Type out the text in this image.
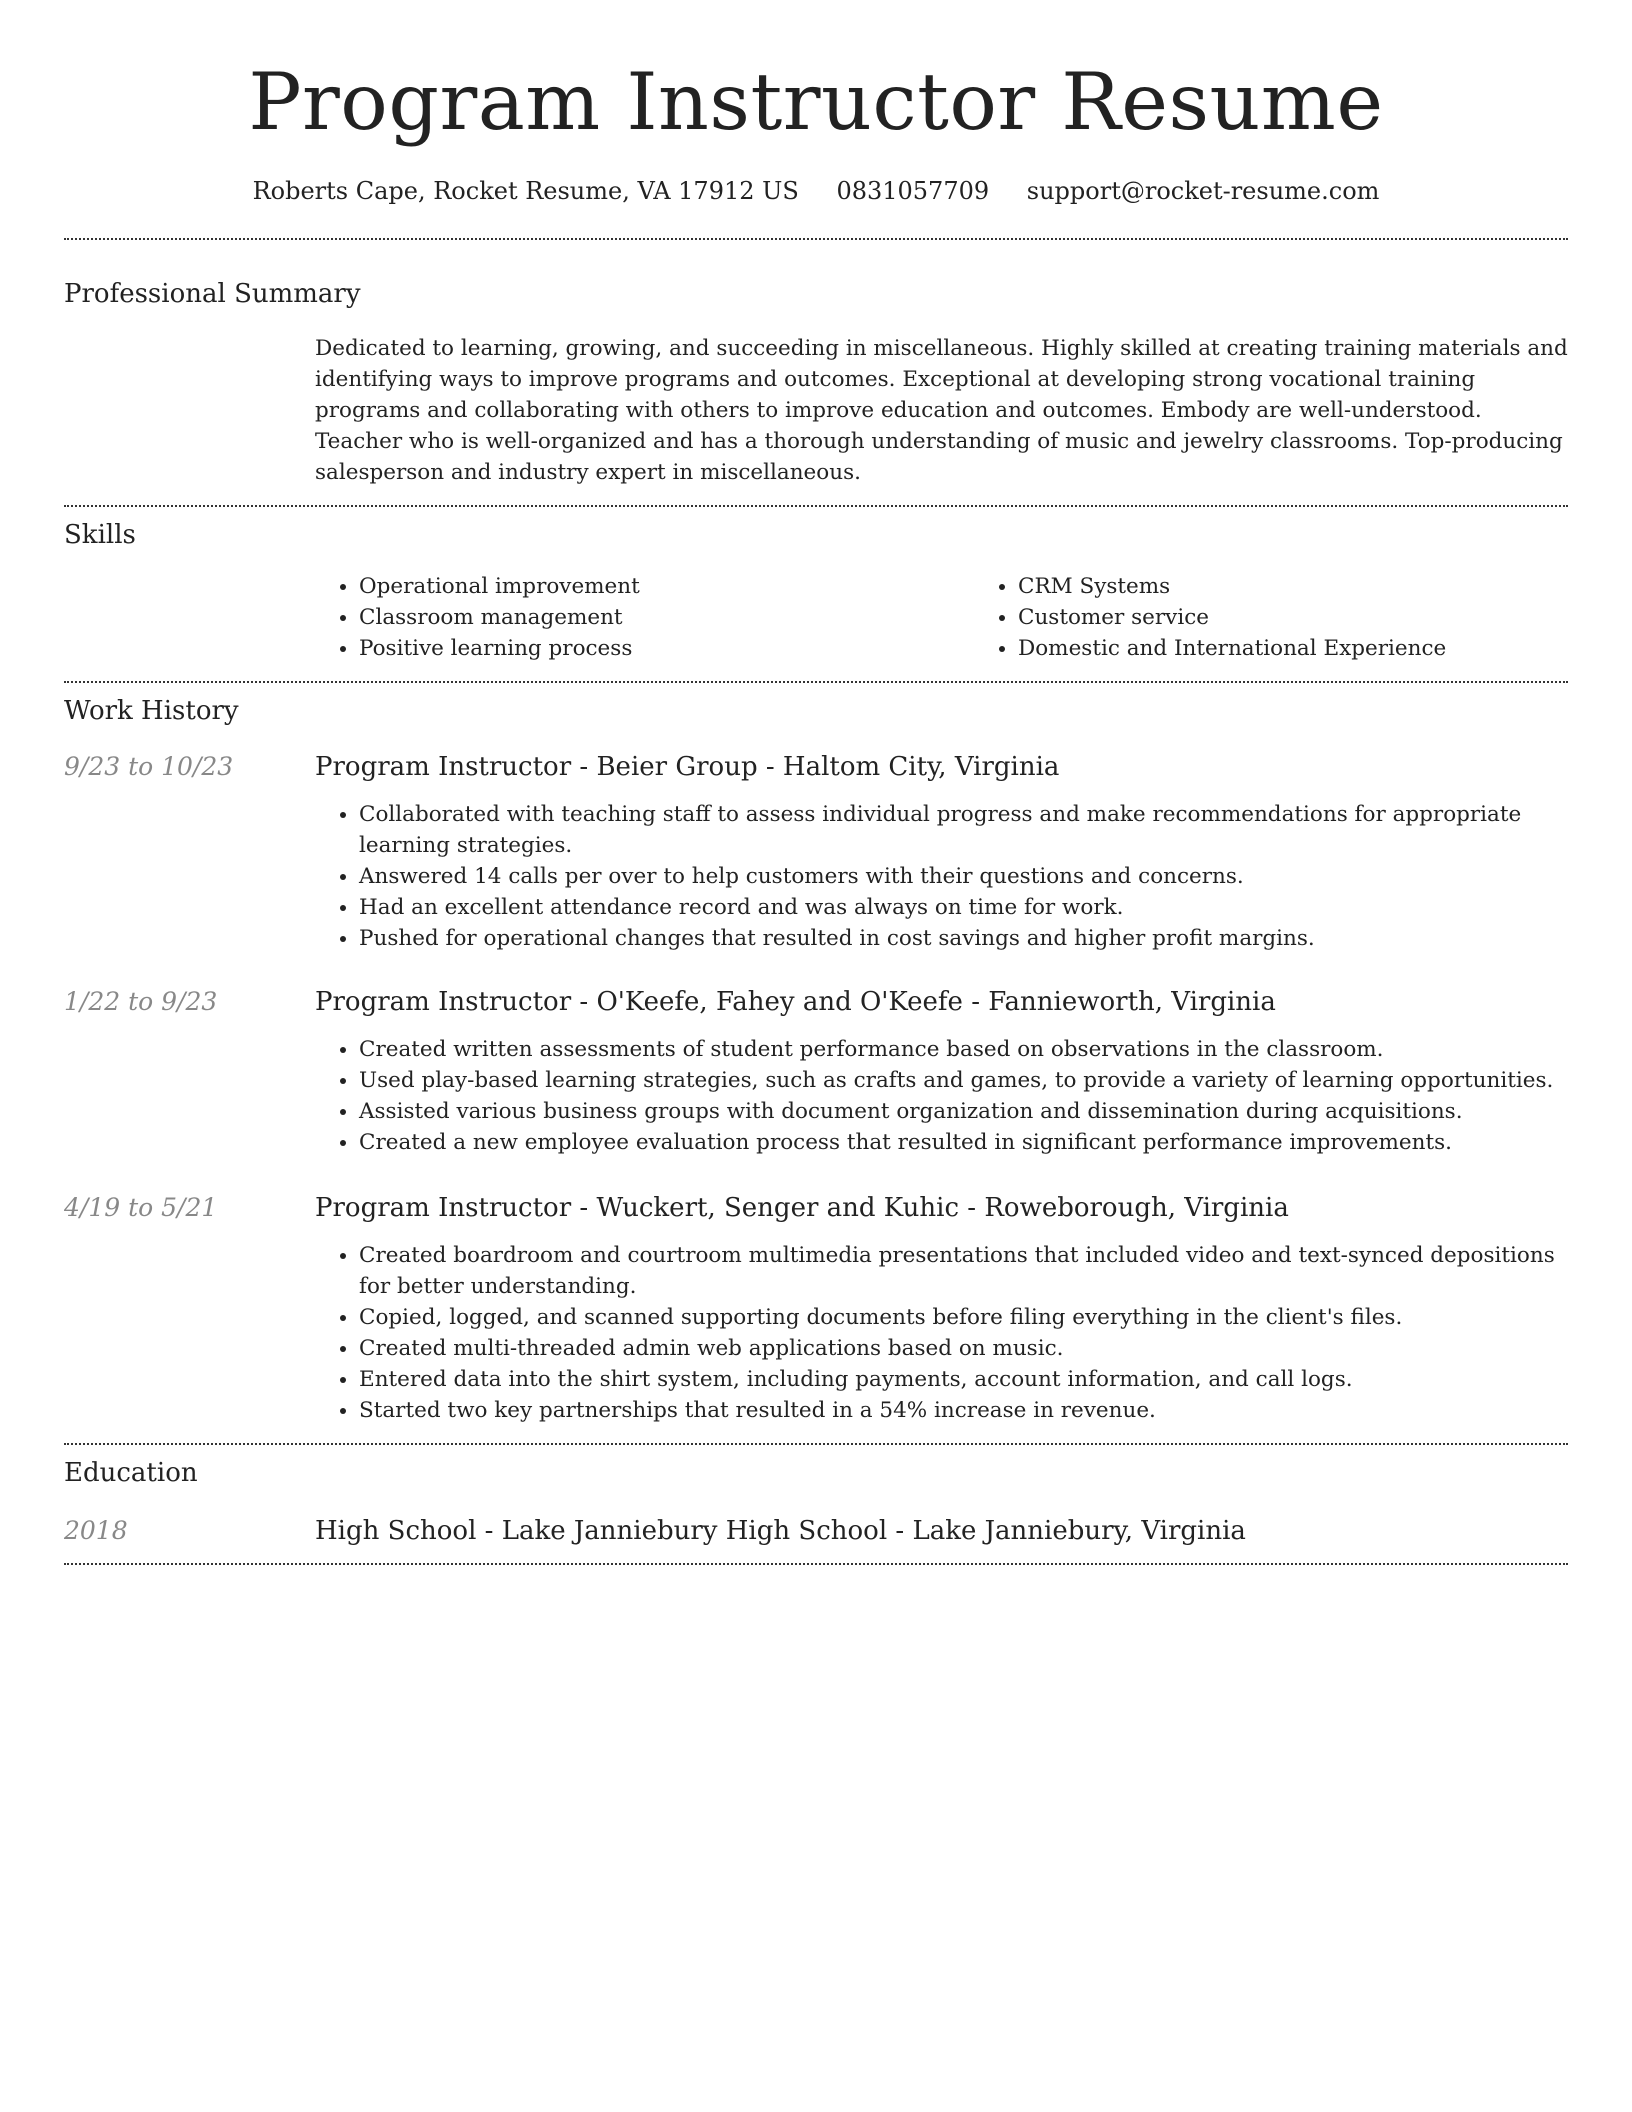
Program Instructor Resume
Roberts Cape, Rocket Resume, VA 17912 US 0831057709 support@rocket-resume.com
Professional Summary

Dedicated to learning, growing, and succeeding in miscellaneous. Highly skilled at creating training materials and identifying ways to improve programs and outcomes. Exceptional at developing strong vocational training programs and collaborating with others to improve education and outcomes. Embody are well-understood. Teacher who is well-organized and has a thorough understanding of music and jewelry classrooms. Top-producing salesperson and industry expert in miscellaneous.

Skills
• Operational improvement
• Classroom management
• Positive learning process
• CRM Systems
• Customer service
• Domestic and International Experience
Work History
9/23 to 10/23	Program Instructor - Beier Group - Haltom City, Virginia
• Collaborated with teaching staff to assess individual progress and make recommendations for appropriate learning strategies.
• Answered 14 calls per over to help customers with their questions and concerns.
• Had an excellent attendance record and was always on time for work.
• Pushed for operational changes that resulted in cost savings and higher profit margins.
1/22 to 9/23	Program Instructor - O'Keefe, Fahey and O'Keefe - Fannieworth, Virginia
• Created written assessments of student performance based on observations in the classroom.
• Used play-based learning strategies, such as crafts and games, to provide a variety of learning opportunities.
• Assisted various business groups with document organization and dissemination during acquisitions.
• Created a new employee evaluation process that resulted in significant performance improvements.
4/19 to 5/21	Program Instructor - Wuckert, Senger and Kuhic - Roweborough, Virginia
• Created boardroom and courtroom multimedia presentations that included video and text-synced depositions for better understanding.
• Copied, logged, and scanned supporting documents before filing everything in the client's files.
• Created multi-threaded admin web applications based on music.
• Entered data into the shirt system, including payments, account information, and call logs.
• Started two key partnerships that resulted in a 54% increase in revenue.
Education
2018	High School - Lake Janniebury High School - Lake Janniebury, Virginia
